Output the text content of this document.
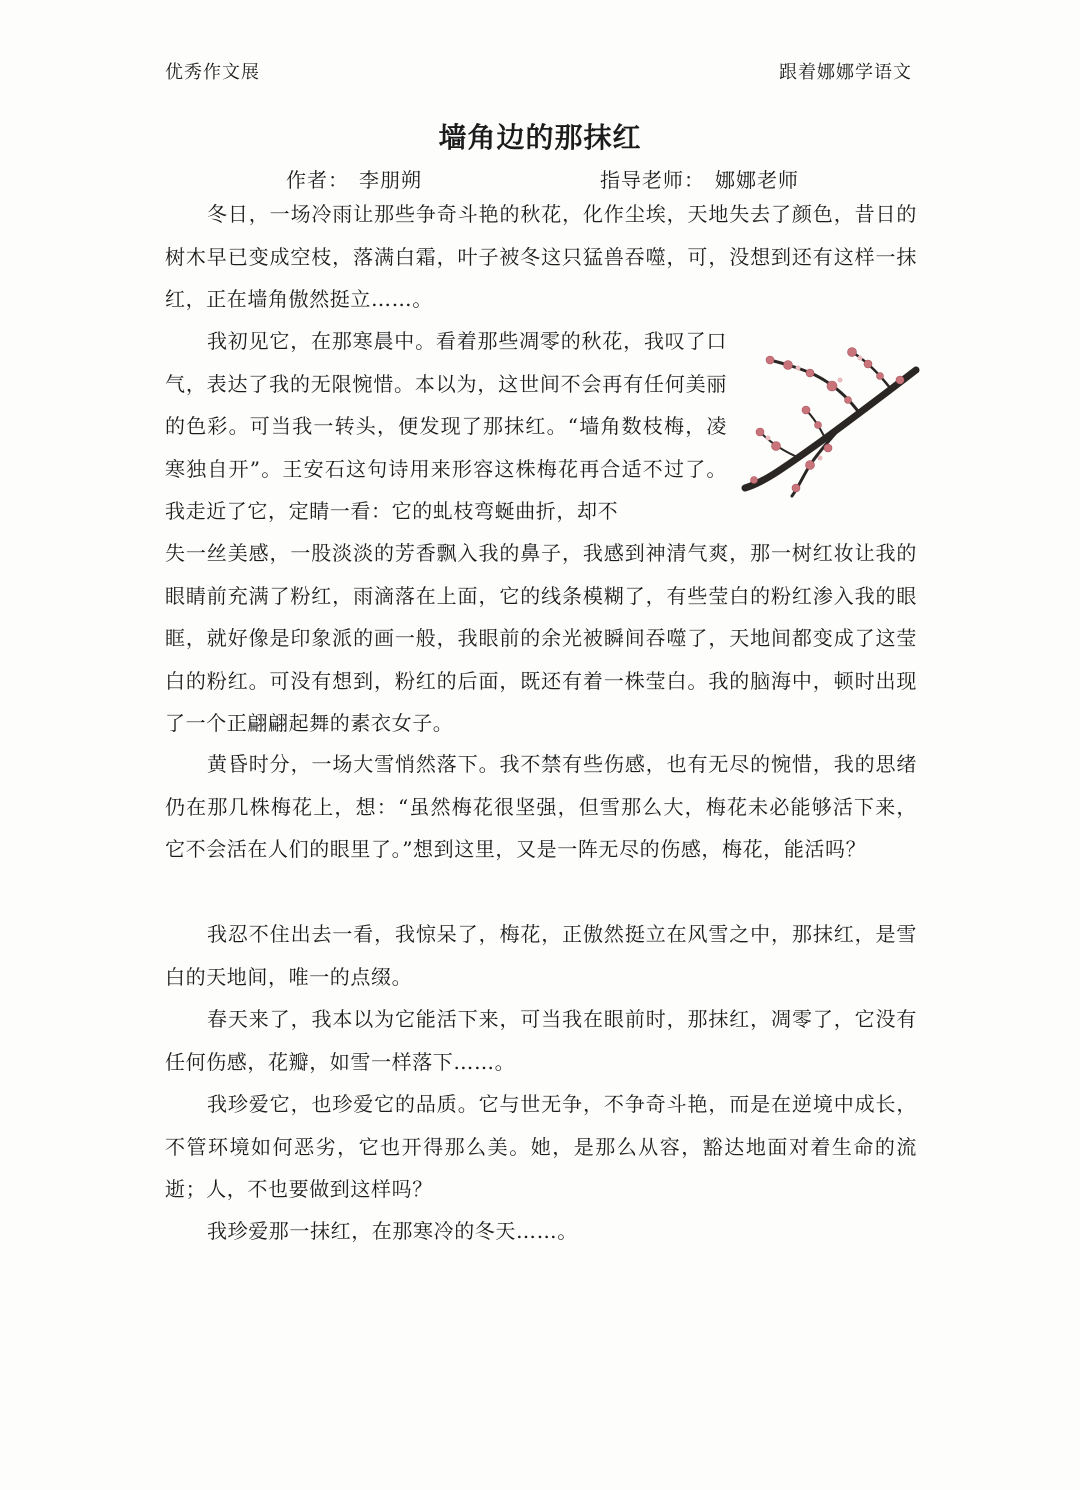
优秀作文展	跟着娜娜学语文
墙角边的那抹红
作者： 李朋朔	指导老师： 娜娜老师

冬日，一场冷雨让那些争奇斗艳的秋花，化作尘埃，天地失去了颜色，昔日的树木早已变成空枝，落满白霜，叶子被冬这只猛兽吞噬，可，没想到还有这样一抹红，正在墙角傲然挺立……。

我初见它，在那寒晨中。看着那些凋零的秋花，我叹了口气，表达了我的无限惋惜。本以为，这世间不会再有任何美丽的色彩。可当我一转头，便发现了那抹红。“墙角数枝梅，凌寒独自开”。王安石这句诗用来形容这株梅花再合适不过了。我走近了它，定睛一看：它的虬枝弯蜒曲折，却不

失一丝美感，一股淡淡的芳香飘入我的鼻子，我感到神清气爽，那一树红妆让我的眼睛前充满了粉红，雨滴落在上面，它的线条模糊了，有些莹白的粉红渗入我的眼眶，就好像是印象派的画一般，我眼前的余光被瞬间吞噬了，天地间都变成了这莹白的粉红。可没有想到，粉红的后面，既还有着一株莹白。我的脑海中，顿时出现了一个正翩翩起舞的素衣女子。

黄昏时分，一场大雪悄然落下。我不禁有些伤感，也有无尽的惋惜，我的思绪仍在那几株梅花上，想：“虽然梅花很坚强，但雪那么大，梅花未必能够活下来，它不会活在人们的眼里了。”想到这里，又是一阵无尽的伤感，梅花，能活吗？

我忍不住出去一看，我惊呆了，梅花，正傲然挺立在风雪之中，那抹红，是雪白的天地间，唯一的点缀。

春天来了，我本以为它能活下来，可当我在眼前时，那抹红，凋零了，它没有任何伤感，花瓣，如雪一样落下……。

我珍爱它，也珍爱它的品质。它与世无争，不争奇斗艳，而是在逆境中成长，不管环境如何恶劣，它也开得那么美。她，是那么从容，豁达地面对着生命的流逝；人，不也要做到这样吗？

我珍爱那一抹红，在那寒冷的冬天……。
